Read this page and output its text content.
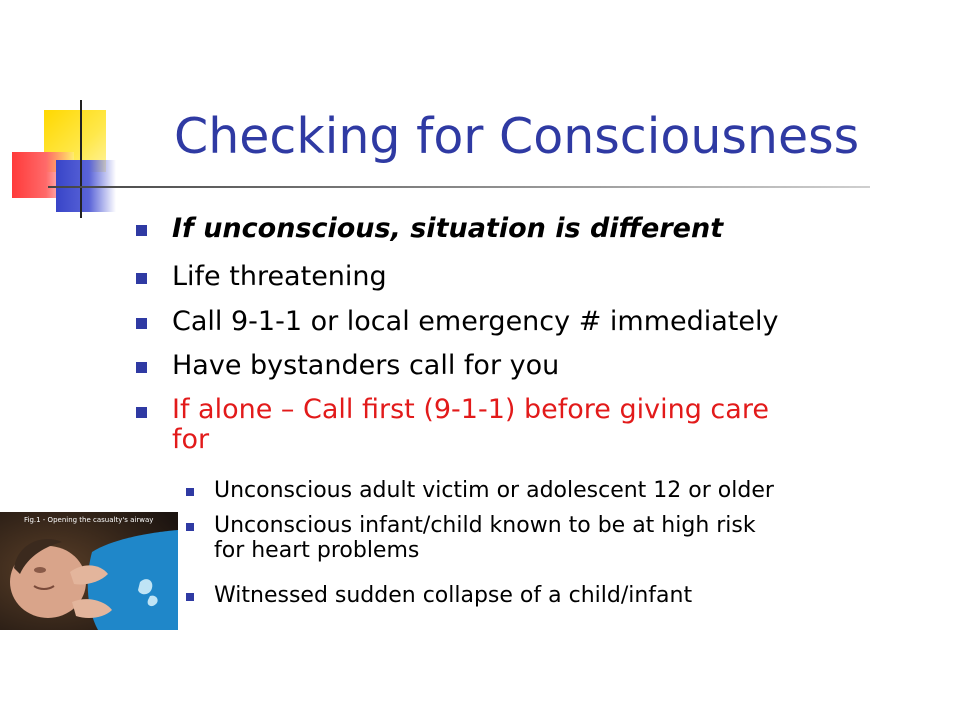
Checking for Consciousness
If unconscious, situation is different
Life threatening
Call 9-1-1 or local emergency # immediately
Have bystanders call for you
If alone – Call first (9-1-1) before giving care
for
Unconscious adult victim or adolescent 12 or older
Unconscious infant/child known to be at high risk
for heart problems
Witnessed sudden collapse of a child/infant
Fig.1 - Opening the casualty's airway
